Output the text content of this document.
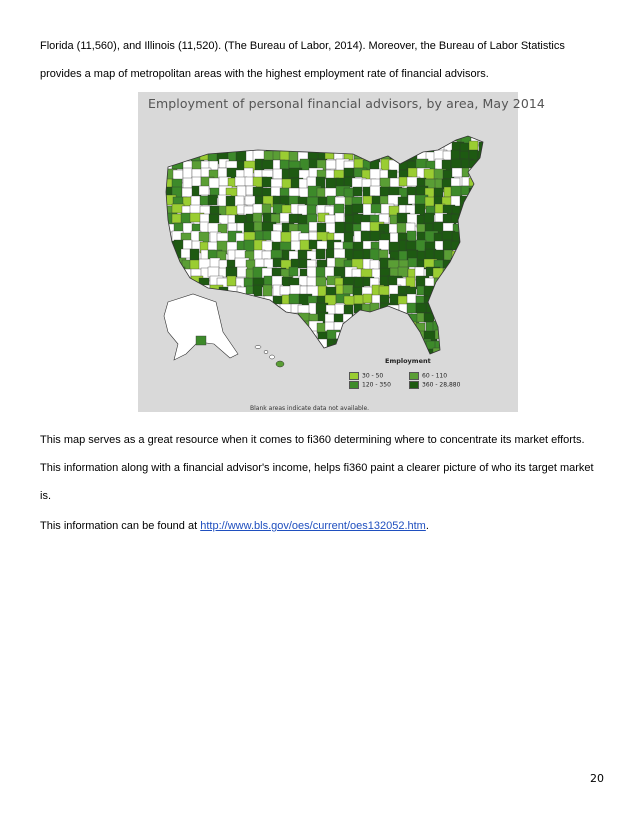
Florida (11,560), and Illinois (11,520). (The Bureau of Labor, 2014). Moreover, the Bureau of Labor Statistics provides a map of metropolitan areas with the highest employment rate of financial advisors.

Employment of personal financial advisors, by area, May 2014
Employment
30 - 50	60 - 110
120 - 350	360 - 28,880
Blank areas indicate data not available.

This map serves as a great resource when it comes to fi360 determining where to concentrate its market efforts. This information along with a financial advisor's income, helps fi360 paint a clearer picture of who its target market is.

This information can be found at http://www.bls.gov/oes/current/oes132052.htm.

20
